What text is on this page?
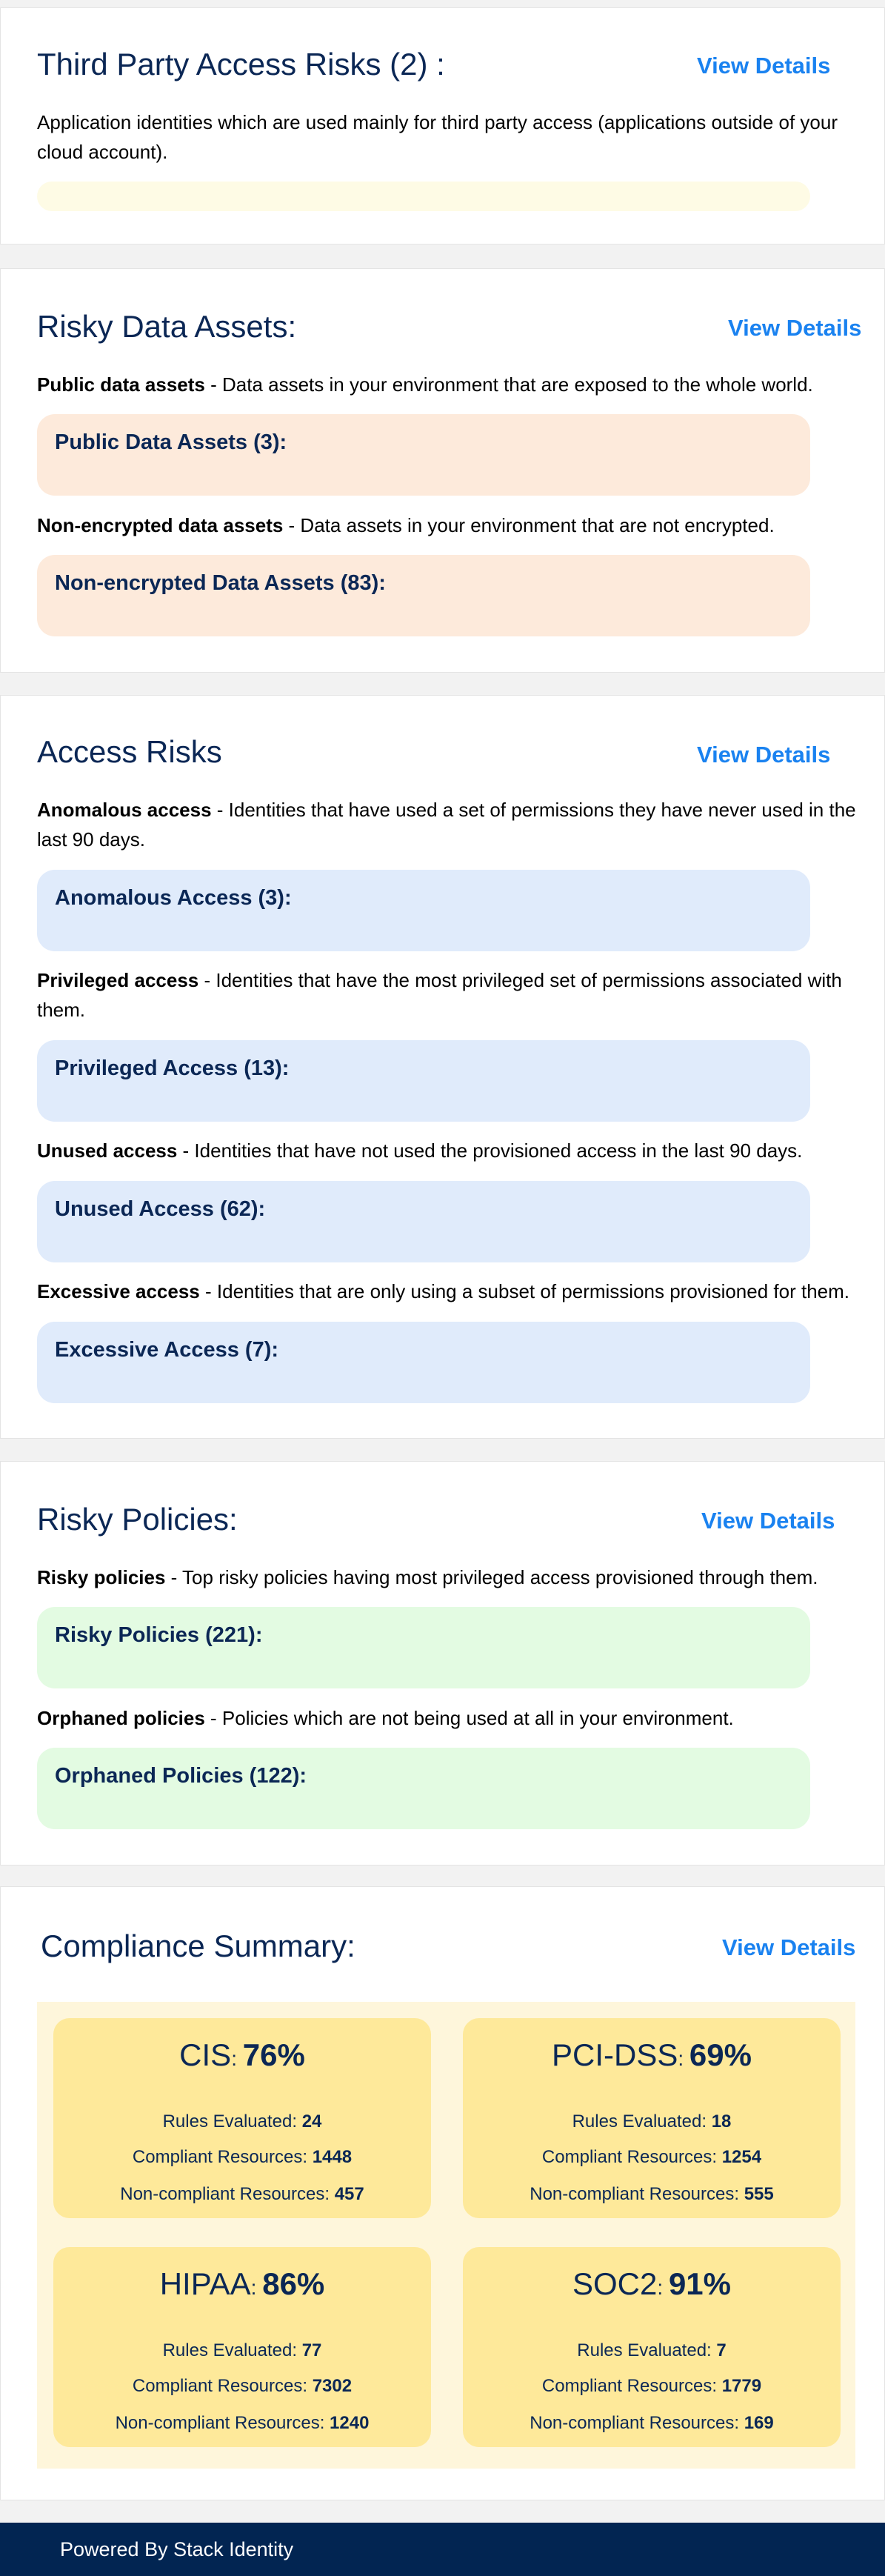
Third Party Access Risks (2) :	View Details
Application identities which are used mainly for third party access (applications outside of your cloud account).
Risky Data Assets:	View Details
Public data assets - Data assets in your environment that are exposed to the whole world.
Public Data Assets (3):
Non-encrypted data assets - Data assets in your environment that are not encrypted.
Non-encrypted Data Assets (83):
Access Risks	View Details
Anomalous access - Identities that have used a set of permissions they have never used in the last 90 days.
Anomalous Access (3):
Privileged access - Identities that have the most privileged set of permissions associated with them.
Privileged Access (13):
Unused access - Identities that have not used the provisioned access in the last 90 days.
Unused Access (62):
Excessive access - Identities that are only using a subset of permissions provisioned for them.
Excessive Access (7):
Risky Policies:	View Details
Risky policies - Top risky policies having most privileged access provisioned through them.
Risky Policies (221):
Orphaned policies - Policies which are not being used at all in your environment.
Orphaned Policies (122):
Compliance Summary:	View Details
CIS: 76%
Rules Evaluated: 24
Compliant Resources: 1448
Non-compliant Resources: 457
PCI-DSS: 69%
Rules Evaluated: 18
Compliant Resources: 1254
Non-compliant Resources: 555
HIPAA: 86%
Rules Evaluated: 77
Compliant Resources: 7302
Non-compliant Resources: 1240
SOC2: 91%
Rules Evaluated: 7
Compliant Resources: 1779
Non-compliant Resources: 169
Powered By Stack Identity
